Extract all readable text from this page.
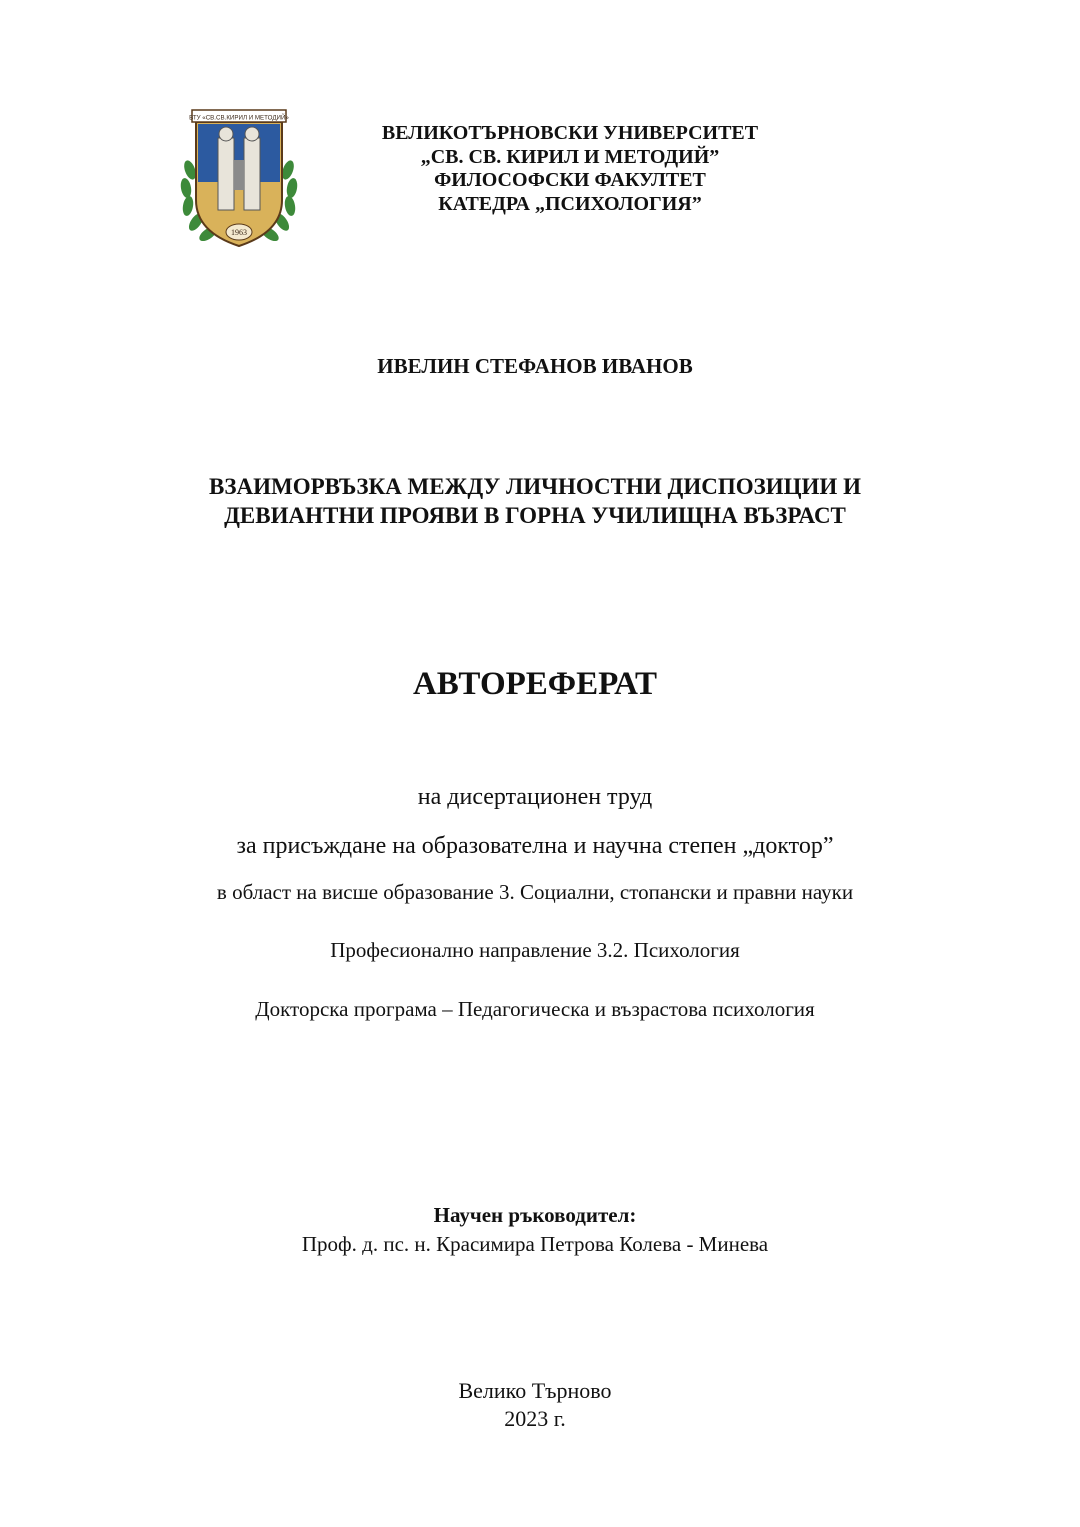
ВТУ «СВ.СВ.КИРИЛ И МЕТОДИЙ»
1963
ВЕЛИКОТЪРНОВСКИ УНИВЕРСИТЕТ
„СВ. СВ. КИРИЛ И МЕТОДИЙ”
ФИЛОСОФСКИ ФАКУЛТЕТ
КАТЕДРА „ПСИХОЛОГИЯ”
ИВЕЛИН СТЕФАНОВ ИВАНОВ
ВЗАИМОРВЪЗКА МЕЖДУ ЛИЧНОСТНИ ДИСПОЗИЦИИ И
ДЕВИАНТНИ ПРОЯВИ В ГОРНА УЧИЛИЩНА ВЪЗРАСТ
АВТОРЕФЕРАТ
на дисертационен труд
за присъждане на образователна и научна степен „доктор”
в област на висше образование 3. Социални, стопански и правни науки
Професионално направление 3.2. Психология
Докторска програма – Педагогическа и възрастова психология
Научен ръководител:
Проф. д. пс. н. Красимира Петрова Колева - Минева
Велико Търново
2023 г.
